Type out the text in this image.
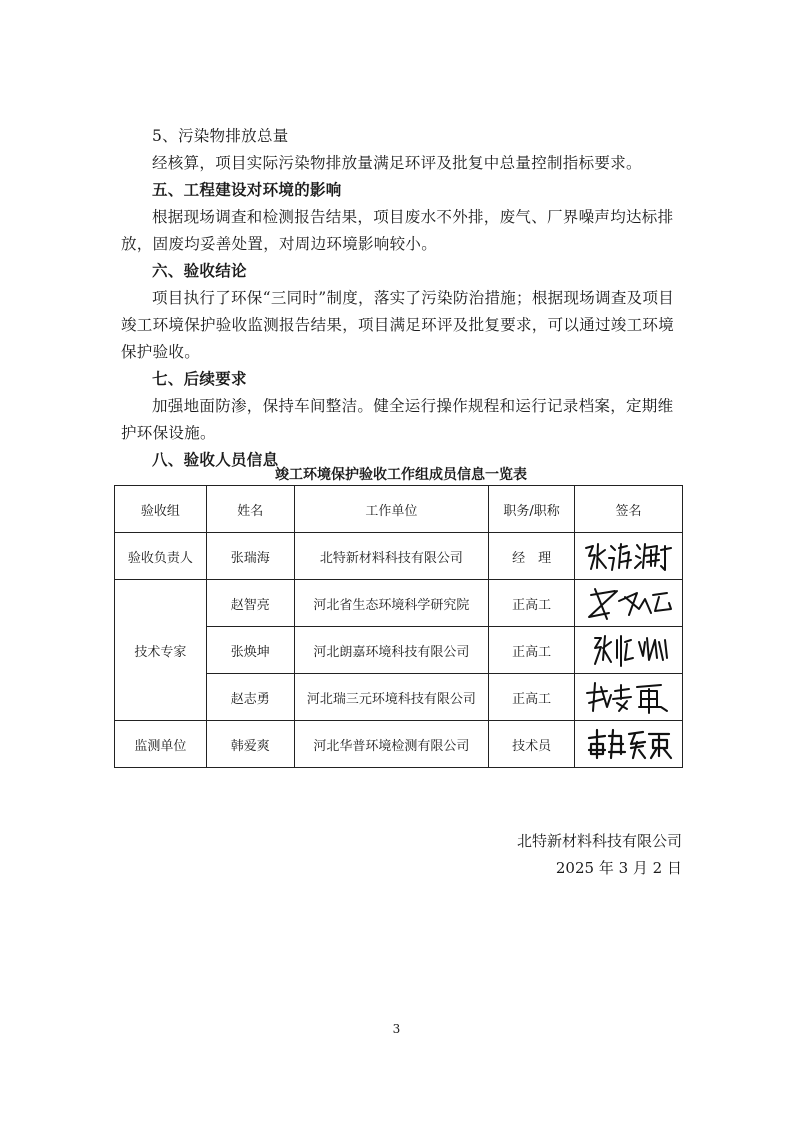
5、污染物排放总量

经核算，项目实际污染物排放量满足环评及批复中总量控制指标要求。

五、工程建设对环境的影响

根据现场调查和检测报告结果，项目废水不外排，废气、厂界噪声均达标排放，固废均妥善处置，对周边环境影响较小。

六、验收结论

项目执行了环保“三同时”制度，落实了污染防治措施；根据现场调查及项目竣工环境保护验收监测报告结果，项目满足环评及批复要求，可以通过竣工环境保护验收。

七、后续要求

加强地面防渗，保持车间整洁。健全运行操作规程和运行记录档案，定期维护环保设施。

八、验收人员信息

竣工环境保护验收工作组成员信息一览表
验收组	姓名	工作单位	职务/职称	签名
验收负责人	张瑞海	北特新材料科技有限公司	经　理	

技术专家	赵智亮	河北省生态环境科学研究院	正高工	

	张焕坤	河北朗嘉环境科技有限公司	正高工	

	赵志勇	河北瑞三元环境科技有限公司	正高工	

监测单位	韩爱爽	河北华普环境检测有限公司	技术员	
北特新材料科技有限公司
2025 年 3 月 2 日
3
